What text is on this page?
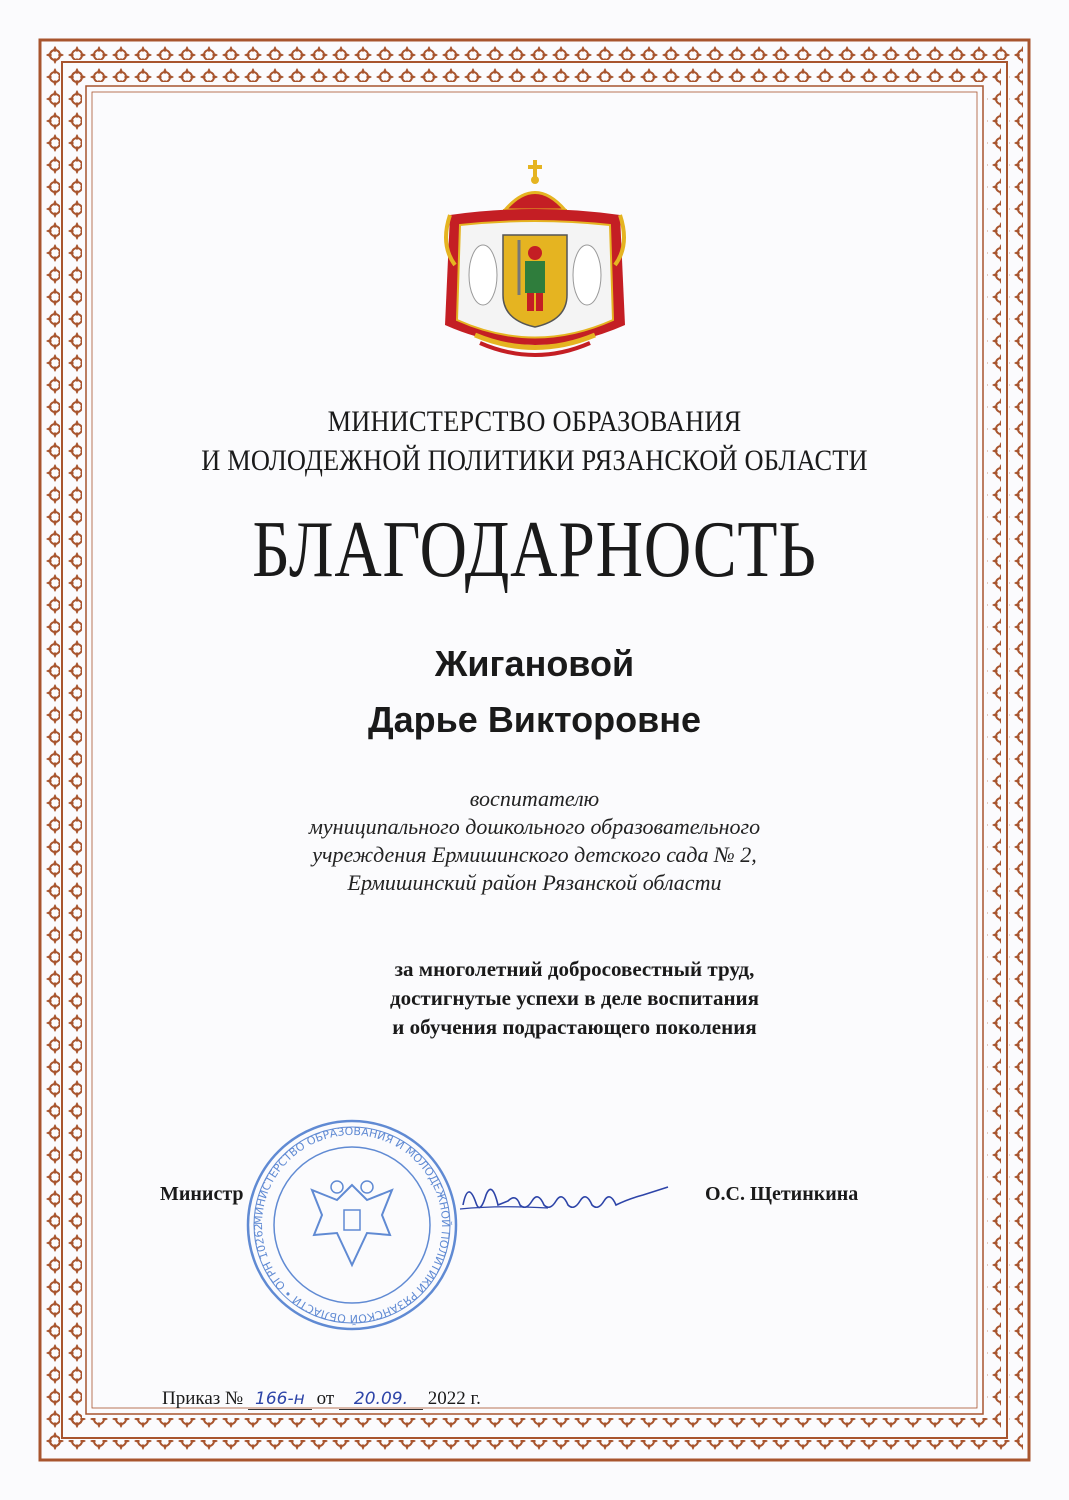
МИНИСТЕРСТВО ОБРАЗОВАНИЯ
И МОЛОДЕЖНОЙ ПОЛИТИКИ РЯЗАНСКОЙ ОБЛАСТИ
БЛАГОДАРНОСТЬ
Жигановой
Дарье Викторовне
воспитателю
муниципального дошкольного образовательного
учреждения Ермишинского детского сада № 2,
Ермишинский район Рязанской области
за многолетний добросовестный труд,
достигнутые успехи в деле воспитания
и обучения подрастающего поколения
МИНИСТЕРСТВО ОБРАЗОВАНИЯ И МОЛОДЕЖНОЙ ПОЛИТИКИ РЯЗАНСКОЙ ОБЛАСТИ • ОГРН 1026201268840
Министр	О.С. Щетинкина
Приказ № 166-н от 20.09. 2022 г.
